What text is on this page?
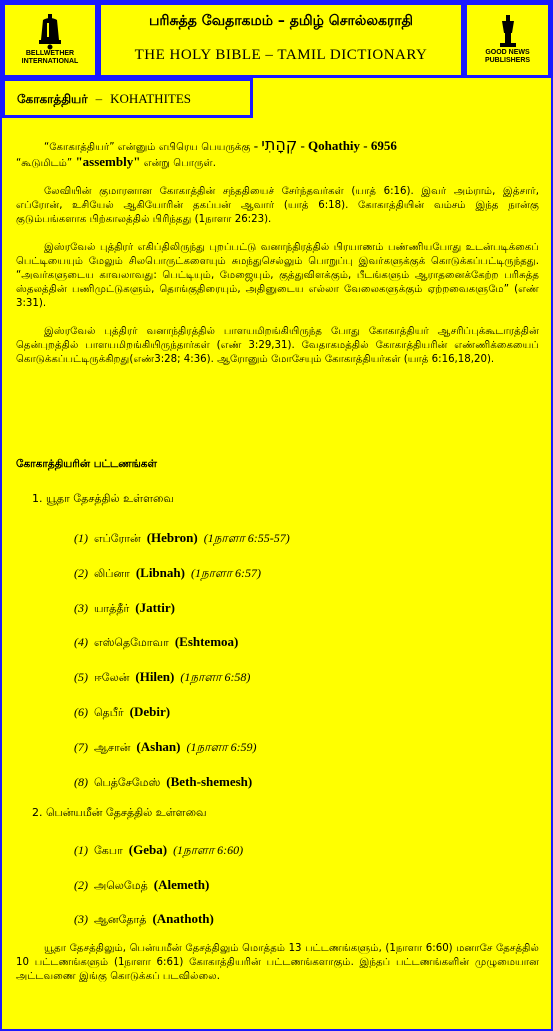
BELLWETHER
INTERNATIONAL
பரிசுத்த வேதாகமம் – தமிழ் சொல்லகராதி
THE HOLY BIBLE – TAMIL DICTIONARY	GOOD NEWS
PUBLISHERS
கோகாத்தியர் – KOHATHITES

“கோகாத்தியர்” என்னும் எபிரெய பெயருக்கு - קְהָתִי - Qohathiy - 6956
“கூடுமிடம்” "assembly" என்று பொருள்.

லேவியின் குமாரனான கோகாத்தின் சந்ததியைச் சேர்ந்தவர்கள் (யாத் 6:16). இவர் அம்ராம், இத்சார், எப்ரோன், உசியேல் ஆகியோரின் தகப்பன் ஆவார் (யாத் 6:18). கோகாத்தியின் வம்சம் இந்த நான்கு குடும்பங்களாக பிற்காலத்தில் பிரிந்தது (1நாளா 26:23).

இஸ்ரவேல் புத்திரர் எகிப்திலிருந்து புறப்பட்டு வனாந்திரத்தில் பிரயாணம் பண்ணியபோது உடன்படிக்கைப் பெட்டியையும் மேலும் சிலபொருட்களையும் சுமந்துசெல்லும் பொறுப்பு இவர்களுக்குக் கொடுக்கப்பட்டிருந்தது. “அவர்களுடைய காவலாவது: பெட்டியும், மேஜையும், குத்துவிளக்கும், பீடங்களும் ஆராதனைக்கேற்ற பரிசுத்த ஸ்தலத்தின் பணிமுட்டுகளும், தொங்குதிரையும், அதினுடைய எல்லா வேலைகளுக்கும் ஏற்றவைகளுமே” (எண் 3:31).

இஸ்ரவேல் புத்திரர் வனாந்திரத்தில் பாளயமிறங்கியிருந்த போது கோகாத்தியர் ஆசரிப்புக்கூடாரத்தின் தென்புறத்தில் பாளயமிறங்கியிருந்தார்கள் (எண் 3:29,31). வேதாகமத்தில் கோகாத்தியரின் எண்ணிக்கையைப் கொடுக்கப்பட்டிருக்கிறது(எண்3:28; 4:36). ஆரோனும் மோசேயும் கோகாத்தியர்கள் (யாத் 6:16,18,20).

கோகாத்தியரின் பட்டணங்கள்
1. யூதா தேசத்தில் உள்ளவை
(1) எப்ரோன் (Hebron) (1நாளா 6:55-57)
(2) லிப்னா (Libnah) (1நாளா 6:57)
(3) யாத்தீர் (Jattir)
(4) எஸ்தெமோவா (Eshtemoa)
(5) ஈலேன் (Hilen) (1நாளா 6:58)
(6) தெபீர் (Debir)
(7) ஆசான் (Ashan) (1நாளா 6:59)
(8) பெத்சேமேஸ் (Beth-shemesh)
2. பென்யமீன் தேசத்தில் உள்ளவை
(1) கேபா (Geba) (1நாளா 6:60)
(2) அலெமேத் (Alemeth)
(3) ஆனதோத் (Anathoth)

யூதா தேசத்திலும், பென்யமீன் தேசத்திலும் மொத்தம் 13 பட்டணங்களும், (1நாளா 6:60) மனாசே தேசத்தில் 10 பட்டணங்களும் (1நாளா 6:61) கோகாத்தியரின் பட்டணங்களாகும். இந்தப் பட்டணங்களின் முழுமையான அட்டவணை இங்கு கொடுக்கப் படவில்லை.
